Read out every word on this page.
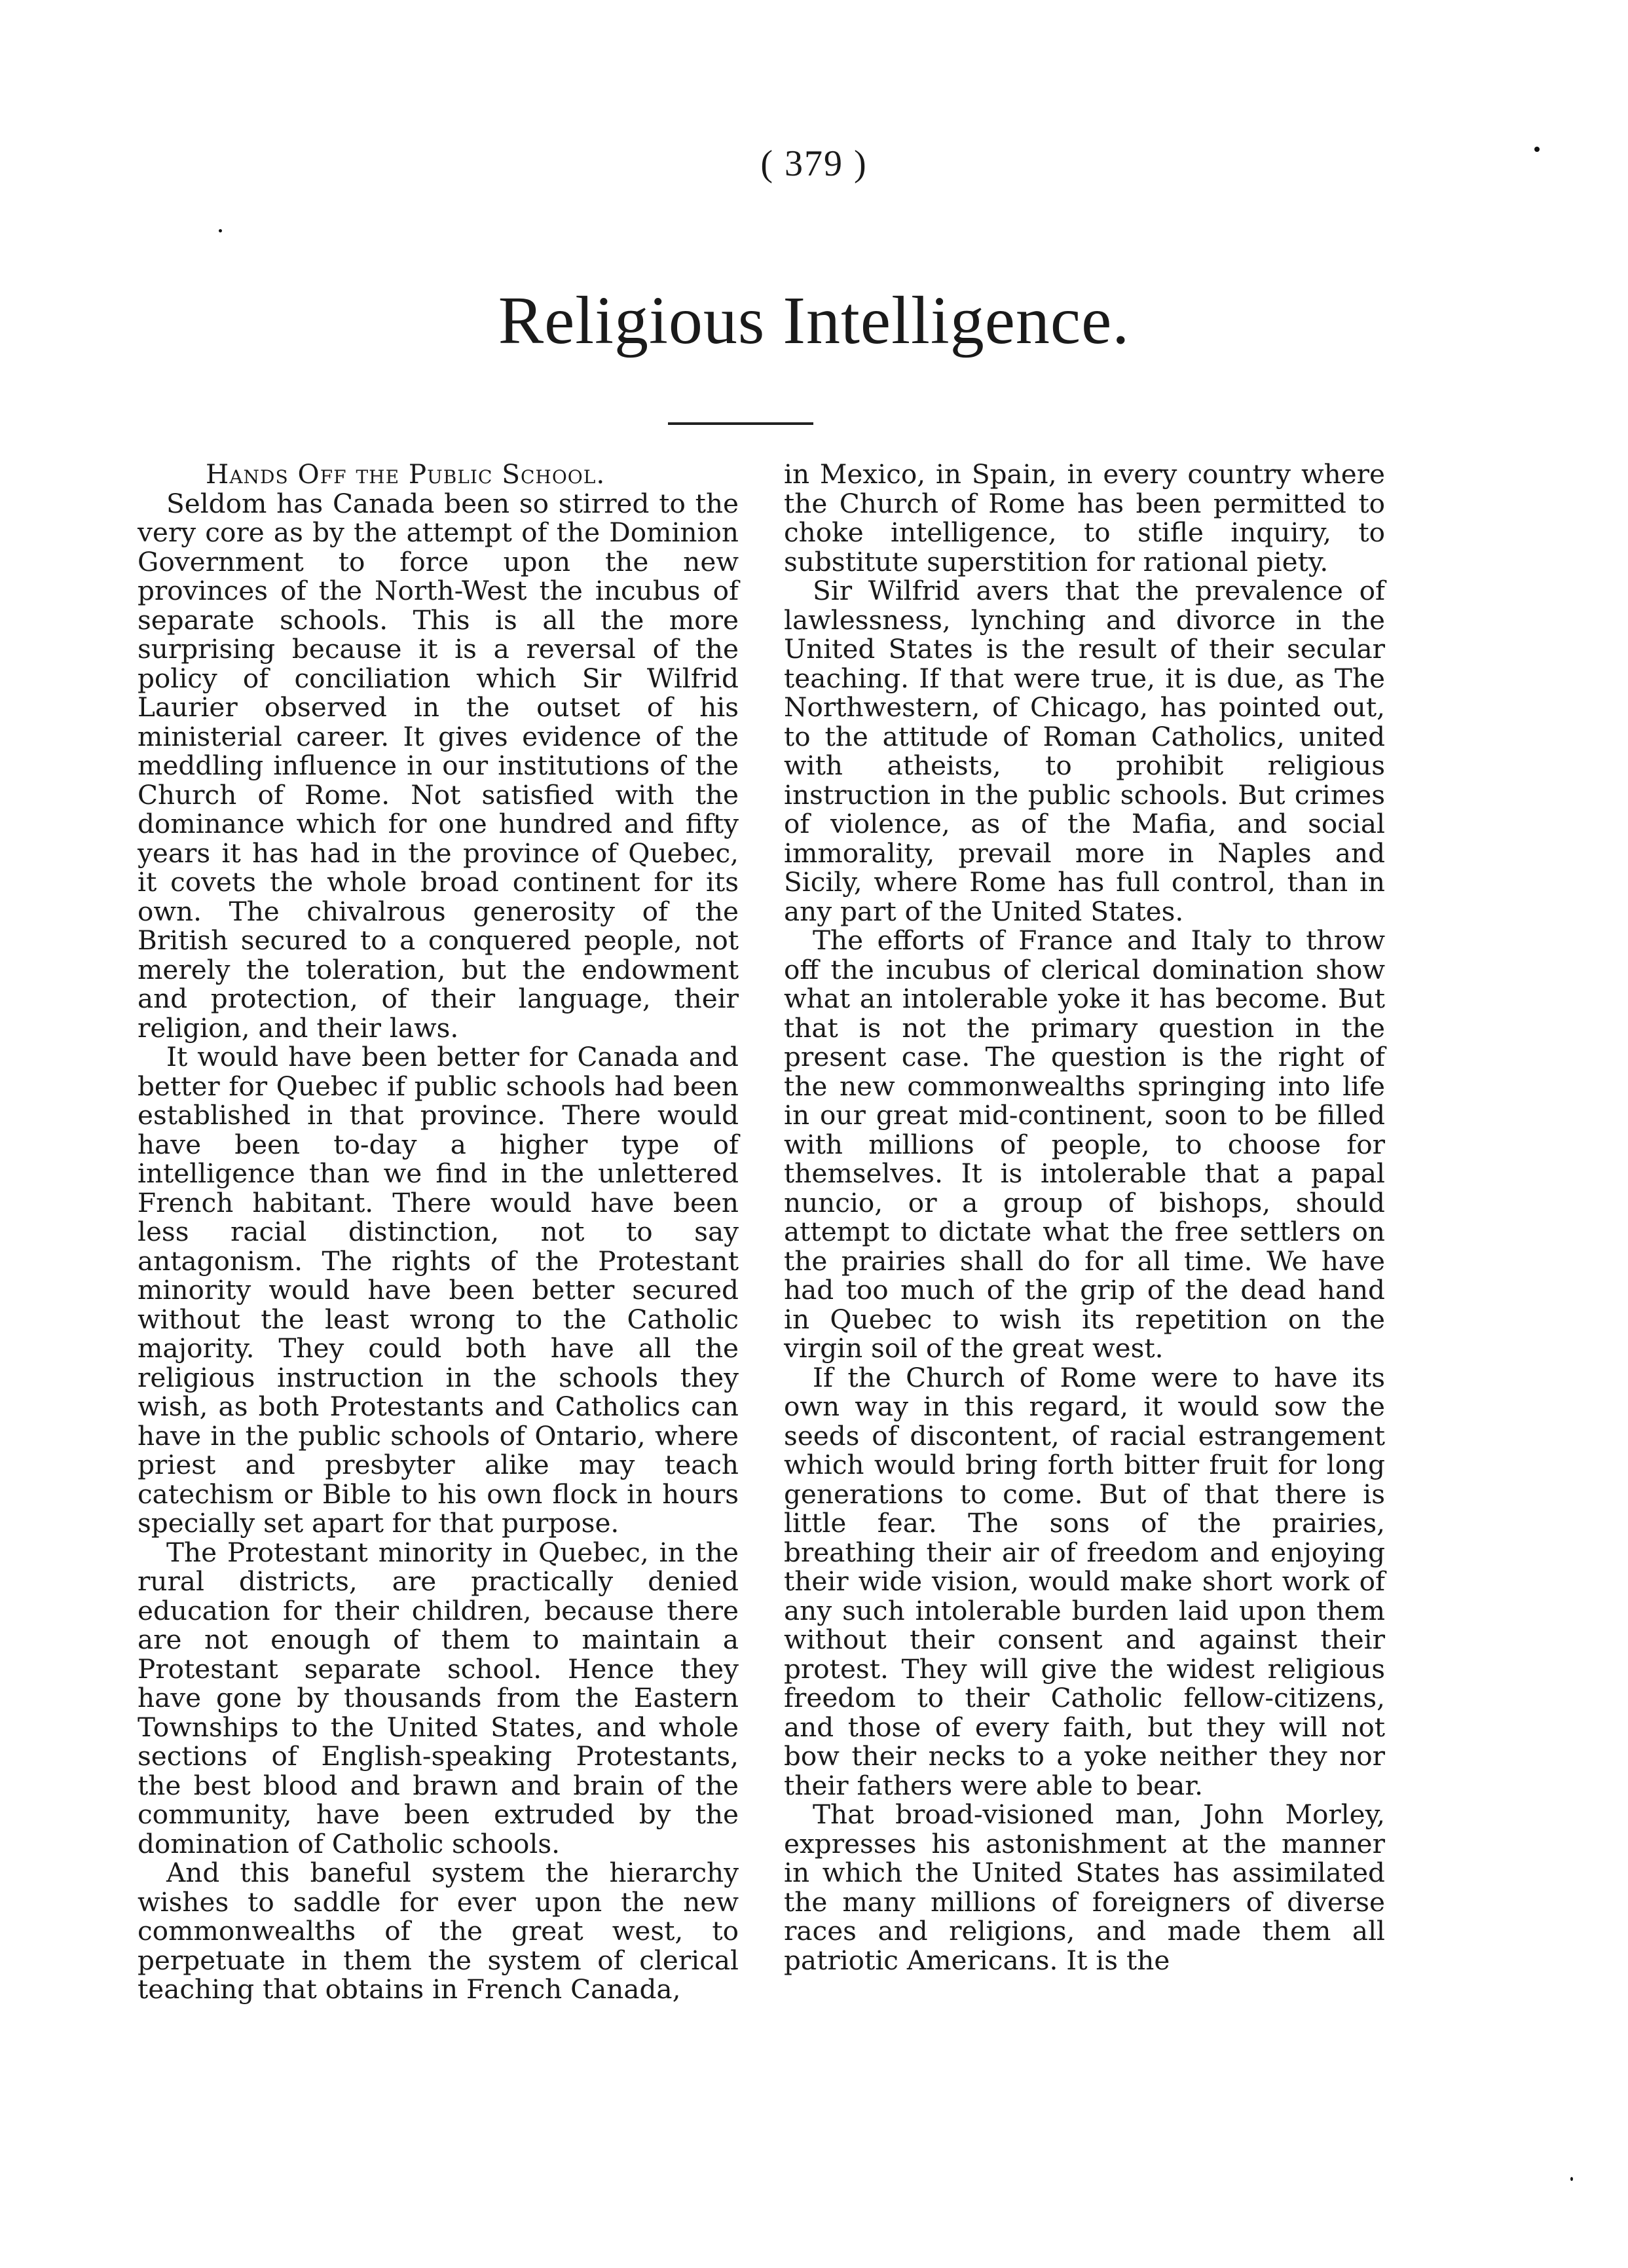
( 379 )
Religious Intelligence.

Hands Off the Public School.

Seldom has Canada been so stirred to the very core as by the attempt of the Dominion Government to force upon the new provinces of the North-West the incubus of separate schools. This is all the more surprising because it is a reversal of the policy of conciliation which Sir Wilfrid Laurier observed in the outset of his ministerial career. It gives evidence of the meddling influence in our institutions of the Church of Rome. Not satisfied with the dominance which for one hundred and fifty years it has had in the province of Quebec, it covets the whole broad continent for its own. The chivalrous generosity of the British secured to a conquered people, not merely the toleration, but the endowment and protection, of their language, their religion, and their laws.

It would have been better for Canada and better for Quebec if public schools had been established in that province. There would have been to-day a higher type of intelligence than we find in the unlettered French habitant. There would have been less racial distinction, not to say antagonism. The rights of the Protestant minority would have been better secured without the least wrong to the Catholic majority. They could both have all the religious instruction in the schools they wish, as both Protestants and Catholics can have in the public schools of Ontario, where priest and presbyter alike may teach catechism or Bible to his own flock in hours specially set apart for that purpose.

The Protestant minority in Quebec, in the rural districts, are practically denied education for their children, because there are not enough of them to maintain a Protestant separate school. Hence they have gone by thousands from the Eastern Townships to the United States, and whole sections of English-speaking Protestants, the best blood and brawn and brain of the community, have been extruded by the domination of Catholic schools.

And this baneful system the hierarchy wishes to saddle for ever upon the new commonwealths of the great west, to perpetuate in them the system of clerical teaching that obtains in French Canada,

in Mexico, in Spain, in every country where the Church of Rome has been permitted to choke intelligence, to stifle inquiry, to substitute superstition for rational piety.

Sir Wilfrid avers that the prevalence of lawlessness, lynching and divorce in the United States is the result of their secular teaching. If that were true, it is due, as The Northwestern, of Chicago, has pointed out, to the attitude of Roman Catholics, united with atheists, to prohibit religious instruction in the public schools. But crimes of violence, as of the Mafia, and social immorality, prevail more in Naples and Sicily, where Rome has full control, than in any part of the United States.

The efforts of France and Italy to throw off the incubus of clerical domination show what an intolerable yoke it has become. But that is not the primary question in the present case. The question is the right of the new commonwealths springing into life in our great mid-continent, soon to be filled with millions of people, to choose for themselves. It is intolerable that a papal nuncio, or a group of bishops, should attempt to dictate what the free settlers on the prairies shall do for all time. We have had too much of the grip of the dead hand in Quebec to wish its repetition on the virgin soil of the great west.

If the Church of Rome were to have its own way in this regard, it would sow the seeds of discontent, of racial estrangement which would bring forth bitter fruit for long generations to come. But of that there is little fear. The sons of the prairies, breathing their air of freedom and enjoying their wide vision, would make short work of any such intolerable burden laid upon them without their consent and against their protest. They will give the widest religious freedom to their Catholic fellow-citizens, and those of every faith, but they will not bow their necks to a yoke neither they nor their fathers were able to bear.

That broad-visioned man, John Morley, expresses his astonishment at the manner in which the United States has assimilated the many millions of foreigners of diverse races and religions, and made them all patriotic Americans. It is the
